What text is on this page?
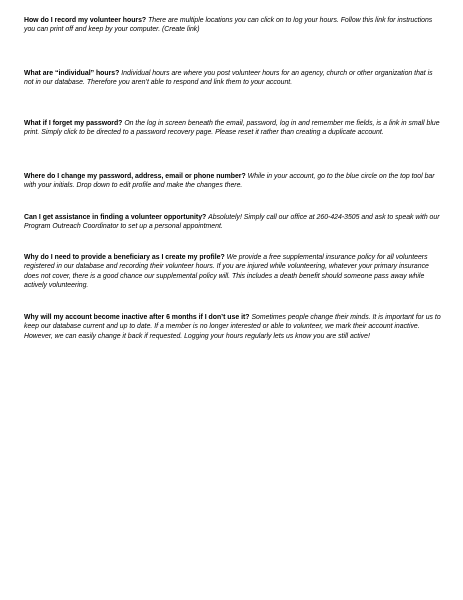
How do I record my volunteer hours? There are multiple locations you can click on to log your hours. Follow this link for instructions you can print off and keep by your computer. (Create link)

What are “individual” hours? Individual hours are where you post volunteer hours for an agency, church or other organization that is not in our database. Therefore you aren’t able to respond and link them to your account.

What if I forget my password? On the log in screen beneath the email, password, log in and remember me fields, is a link in small blue print. Simply click to be directed to a password recovery page. Please reset it rather than creating a duplicate account.

Where do I change my password, address, email or phone number? While in your account, go to the blue circle on the top tool bar with your initials. Drop down to edit profile and make the changes there.

Can I get assistance in finding a volunteer opportunity? Absolutely! Simply call our office at 260-424-3505 and ask to speak with our Program Outreach Coordinator to set up a personal appointment.

Why do I need to provide a beneficiary as I create my profile? We provide a free supplemental insurance policy for all volunteers registered in our database and recording their volunteer hours. If you are injured while volunteering, whatever your primary insurance does not cover, there is a good chance our supplemental policy will. This includes a death benefit should someone pass away while actively volunteering.

Why will my account become inactive after 6 months if I don’t use it? Sometimes people change their minds. It is important for us to keep our database current and up to date. If a member is no longer interested or able to volunteer, we mark their account inactive. However, we can easily change it back if requested. Logging your hours regularly lets us know you are still active!
